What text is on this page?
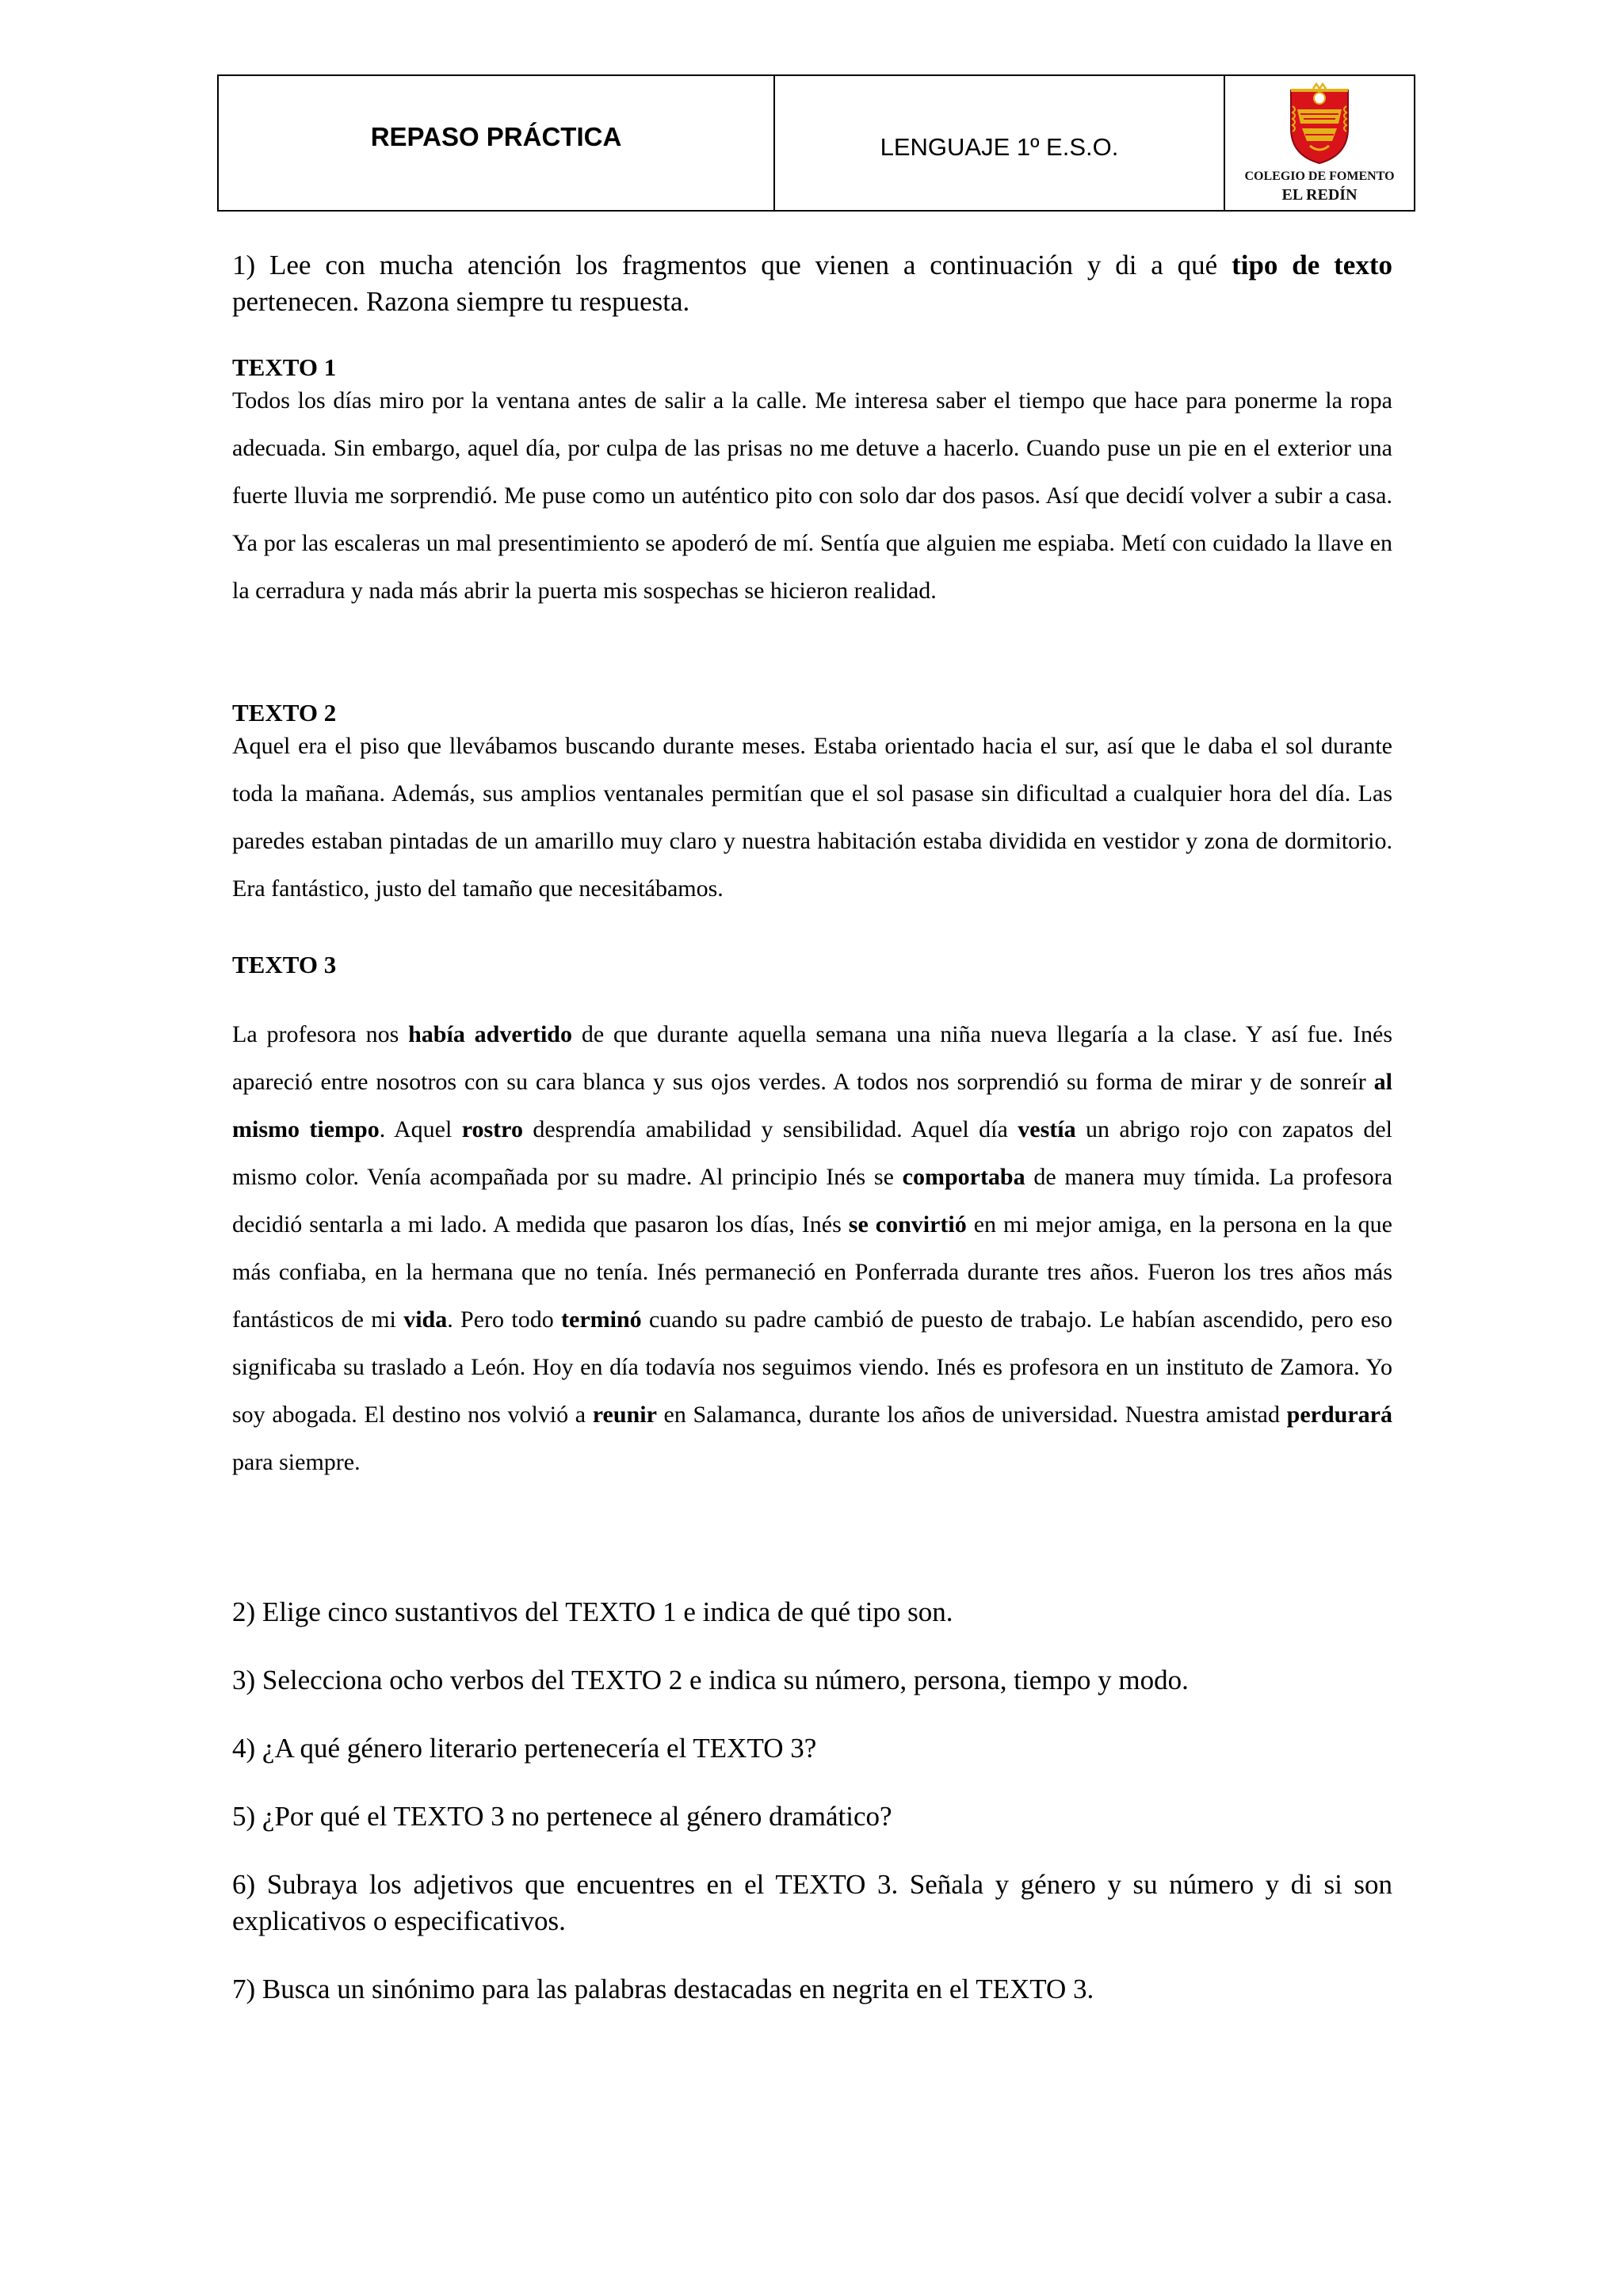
REPASO PRÁCTICA	LENGUAJE 1º E.S.O.
COLEGIO DE FOMENTO
EL REDÍN
1) Lee con mucha atención los fragmentos que vienen a continuación y di a qué tipo de texto pertenecen. Razona siempre tu respuesta.

TEXTO 1

Todos los días miro por la ventana antes de salir a la calle. Me interesa saber el tiempo que hace para ponerme la ropa adecuada. Sin embargo, aquel día, por culpa de las prisas no me detuve a hacerlo. Cuando puse un pie en el exterior una fuerte lluvia me sorprendió. Me puse como un auténtico pito con solo dar dos pasos. Así que decidí volver a subir a casa. Ya por las escaleras un mal presentimiento se apoderó de mí. Sentía que alguien me espiaba. Metí con cuidado la llave en la cerradura y nada más abrir la puerta mis sospechas se hicieron realidad.

TEXTO 2

Aquel era el piso que llevábamos buscando durante meses. Estaba orientado hacia el sur, así que le daba el sol durante toda la mañana. Además, sus amplios ventanales permitían que el sol pasase sin dificultad a cualquier hora del día. Las paredes estaban pintadas de un amarillo muy claro y nuestra habitación estaba dividida en vestidor y zona de dormitorio. Era fantástico, justo del tamaño que necesitábamos.

TEXTO 3

La profesora nos había advertido de que durante aquella semana una niña nueva llegaría a la clase. Y así fue. Inés apareció entre nosotros con su cara blanca y sus ojos verdes. A todos nos sorprendió su forma de mirar y de sonreír al mismo tiempo. Aquel rostro desprendía amabilidad y sensibilidad. Aquel día vestía un abrigo rojo con zapatos del mismo color. Venía acompañada por su madre. Al principio Inés se comportaba de manera muy tímida. La profesora decidió sentarla a mi lado. A medida que pasaron los días, Inés se convirtió en mi mejor amiga, en la persona en la que más confiaba, en la hermana que no tenía. Inés permaneció en Ponferrada durante tres años. Fueron los tres años más fantásticos de mi vida. Pero todo terminó cuando su padre cambió de puesto de trabajo. Le habían ascendido, pero eso significaba su traslado a León. Hoy en día todavía nos seguimos viendo. Inés es profesora en un instituto de Zamora. Yo soy abogada. El destino nos volvió a reunir en Salamanca, durante los años de universidad. Nuestra amistad perdurará para siempre.

2) Elige cinco sustantivos del TEXTO 1 e indica de qué tipo son.

3) Selecciona ocho verbos del TEXTO 2 e indica su número, persona, tiempo y modo.

4) ¿A qué género literario pertenecería el TEXTO 3?

5) ¿Por qué el TEXTO 3 no pertenece al género dramático?

6) Subraya los adjetivos que encuentres en el TEXTO 3. Señala y género y su número y di si son explicativos o especificativos.

7) Busca un sinónimo para las palabras destacadas en negrita en el TEXTO 3.
